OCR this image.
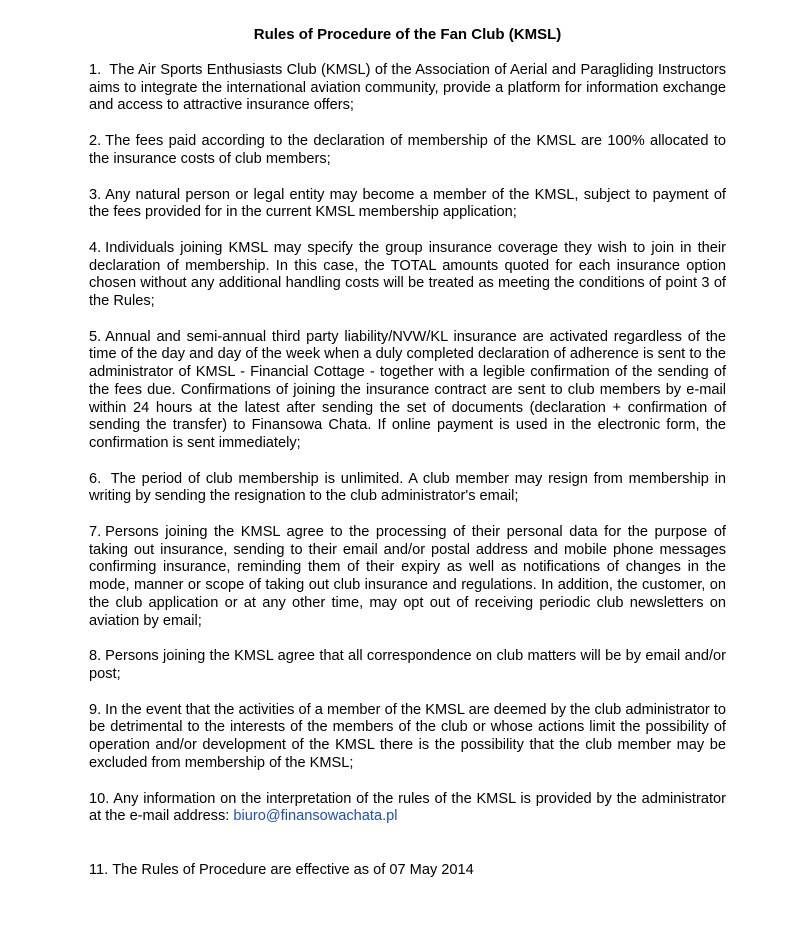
Rules of Procedure of the Fan Club (KMSL)

1. The Air Sports Enthusiasts Club (KMSL) of the Association of Aerial and Paragliding Instructors aims to integrate the international aviation community, provide a platform for information exchange and access to attractive insurance offers;

2. The fees paid according to the declaration of membership of the KMSL are 100% allocated to the insurance costs of club members;

3. Any natural person or legal entity may become a member of the KMSL, subject to payment of the fees provided for in the current KMSL membership application;

4. Individuals joining KMSL may specify the group insurance coverage they wish to join in their declaration of membership. In this case, the TOTAL amounts quoted for each insurance option chosen without any additional handling costs will be treated as meeting the conditions of point 3 of the Rules;

5. Annual and semi-annual third party liability/NVW/KL insurance are activated regardless of the time of the day and day of the week when a duly completed declaration of adherence is sent to the administrator of KMSL - Financial Cottage - together with a legible confirmation of the sending of the fees due. Confirmations of joining the insurance contract are sent to club members by e-mail within 24 hours at the latest after sending the set of documents (declaration + confirmation of sending the transfer) to Finansowa Chata. If online payment is used in the electronic form, the confirmation is sent immediately;

6. The period of club membership is unlimited. A club member may resign from membership in writing by sending the resignation to the club administrator's email;

7. Persons joining the KMSL agree to the processing of their personal data for the purpose of taking out insurance, sending to their email and/or postal address and mobile phone messages confirming insurance, reminding them of their expiry as well as notifications of changes in the mode, manner or scope of taking out club insurance and regulations. In addition, the customer, on the club application or at any other time, may opt out of receiving periodic club newsletters on aviation by email;

8. Persons joining the KMSL agree that all correspondence on club matters will be by email and/or post;

9. In the event that the activities of a member of the KMSL are deemed by the club administrator to be detrimental to the interests of the members of the club or whose actions limit the possibility of operation and/or development of the KMSL there is the possibility that the club member may be excluded from membership of the KMSL;

10. Any information on the interpretation of the rules of the KMSL is provided by the administrator at the e-mail address: biuro@finansowachata.pl

11. The Rules of Procedure are effective as of 07 May 2014
